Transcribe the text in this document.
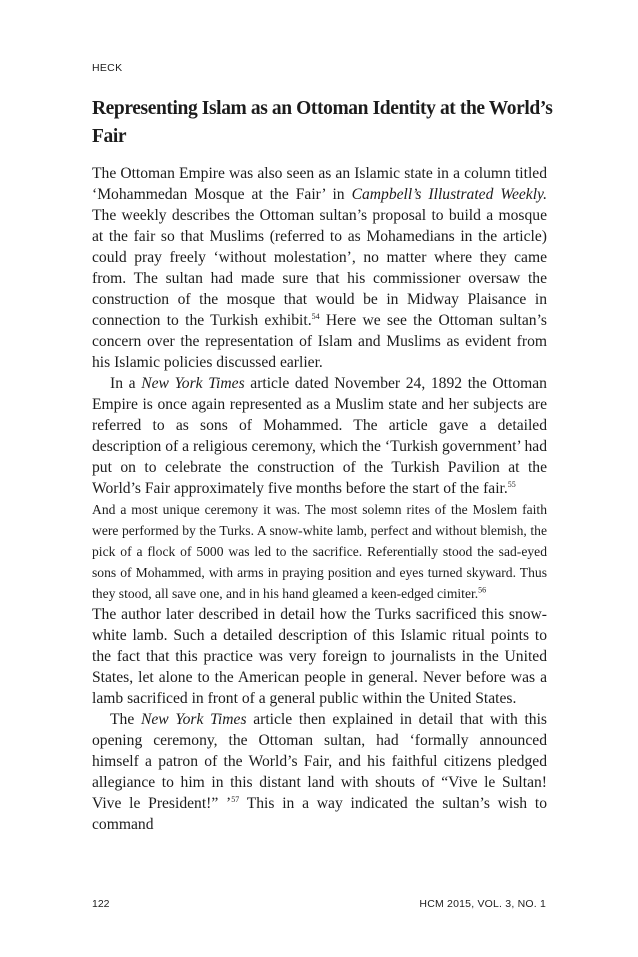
HECK
Representing Islam as an Ottoman Identity at the World’s Fair

The Ottoman Empire was also seen as an Islamic state in a column titled ‘Mohammedan Mosque at the Fair’ in Campbell’s Illustrated Weekly. The weekly describes the Ottoman sultan’s proposal to build a mosque at the fair so that Muslims (referred to as Mohamedians in the article) could pray freely ‘without molestation’, no matter where they came from. The sultan had made sure that his commissioner oversaw the construction of the mosque that would be in Midway Plaisance in connection to the Turkish exhibit.$^{54}$ Here we see the Ottoman sultan’s concern over the representation of Islam and Muslims as evident from his Islamic policies discussed earlier.

In a New York Times article dated November 24, 1892 the Ottoman Empire is once again represented as a Muslim state and her subjects are referred to as sons of Mohammed. The article gave a detailed description of a religious ceremony, which the ‘Turkish government’ had put on to celebrate the construction of the Turkish Pavilion at the World’s Fair approximately five months before the start of the fair.$^{55}$

And a most unique ceremony it was. The most solemn rites of the Moslem faith were performed by the Turks. A snow-white lamb, perfect and without blemish, the pick of a flock of 5000 was led to the sacrifice. Referentially stood the sad-eyed sons of Mohammed, with arms in praying position and eyes turned skyward. Thus they stood, all save one, and in his hand gleamed a keen-edged cimiter.$^{56}$

The author later described in detail how the Turks sacrificed this snow-white lamb. Such a detailed description of this Islamic ritual points to the fact that this practice was very foreign to journalists in the United States, let alone to the American people in general. Never before was a lamb sacrificed in front of a general public within the United States.

The New York Times article then explained in detail that with this opening ceremony, the Ottoman sultan, had ‘formally announced himself a patron of the World’s Fair, and his faithful citizens pledged allegiance to him in this distant land with shouts of “Vive le Sultan! Vive le President!” ’$^{57}$ This in a way indicated the sultan’s wish to command

122	HCM 2015, VOL. 3, NO. 1
